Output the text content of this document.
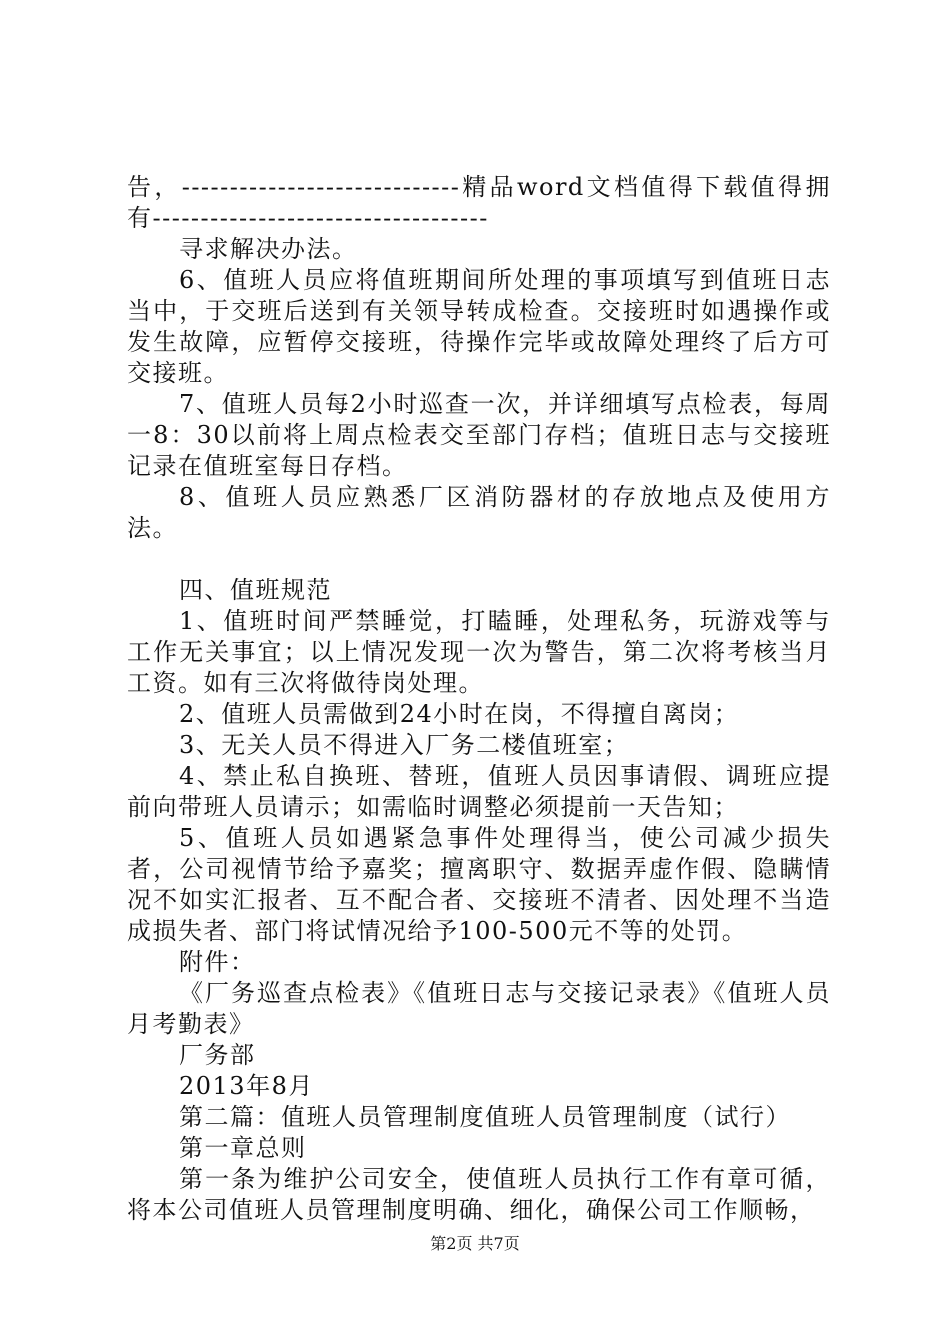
告，-----------------------------精品word文档值得下载值得拥有-----------------------------------

寻求解决办法。

6、值班人员应将值班期间所处理的事项填写到值班日志当中，于交班后送到有关领导转成检查。交接班时如遇操作或发生故障，应暂停交接班，待操作完毕或故障处理终了后方可交接班。

7、值班人员每2小时巡查一次，并详细填写点检表，每周一8：30以前将上周点检表交至部门存档；值班日志与交接班记录在值班室每日存档。

8、值班人员应熟悉厂区消防器材的存放地点及使用方法。

四、值班规范

1、值班时间严禁睡觉，打瞌睡，处理私务，玩游戏等与工作无关事宜；以上情况发现一次为警告，第二次将考核当月工资。如有三次将做待岗处理。

2、值班人员需做到24小时在岗，不得擅自离岗；

3、无关人员不得进入厂务二楼值班室；

4、禁止私自换班、替班，值班人员因事请假、调班应提前向带班人员请示；如需临时调整必须提前一天告知；

5、值班人员如遇紧急事件处理得当，使公司减少损失者，公司视情节给予嘉奖；擅离职守、数据弄虚作假、隐瞒情况不如实汇报者、互不配合者、交接班不清者、因处理不当造成损失者、部门将试情况给予100-500元不等的处罚。

附件：

《厂务巡查点检表》《值班日志与交接记录表》《值班人员月考勤表》

厂务部

2013年8月

第二篇：值班人员管理制度值班人员管理制度（试行）

第一章总则

第一条为维护公司安全，使值班人员执行工作有章可循，将本公司值班人员管理制度明确、细化，确保公司工作顺畅，

第2页 共7页
